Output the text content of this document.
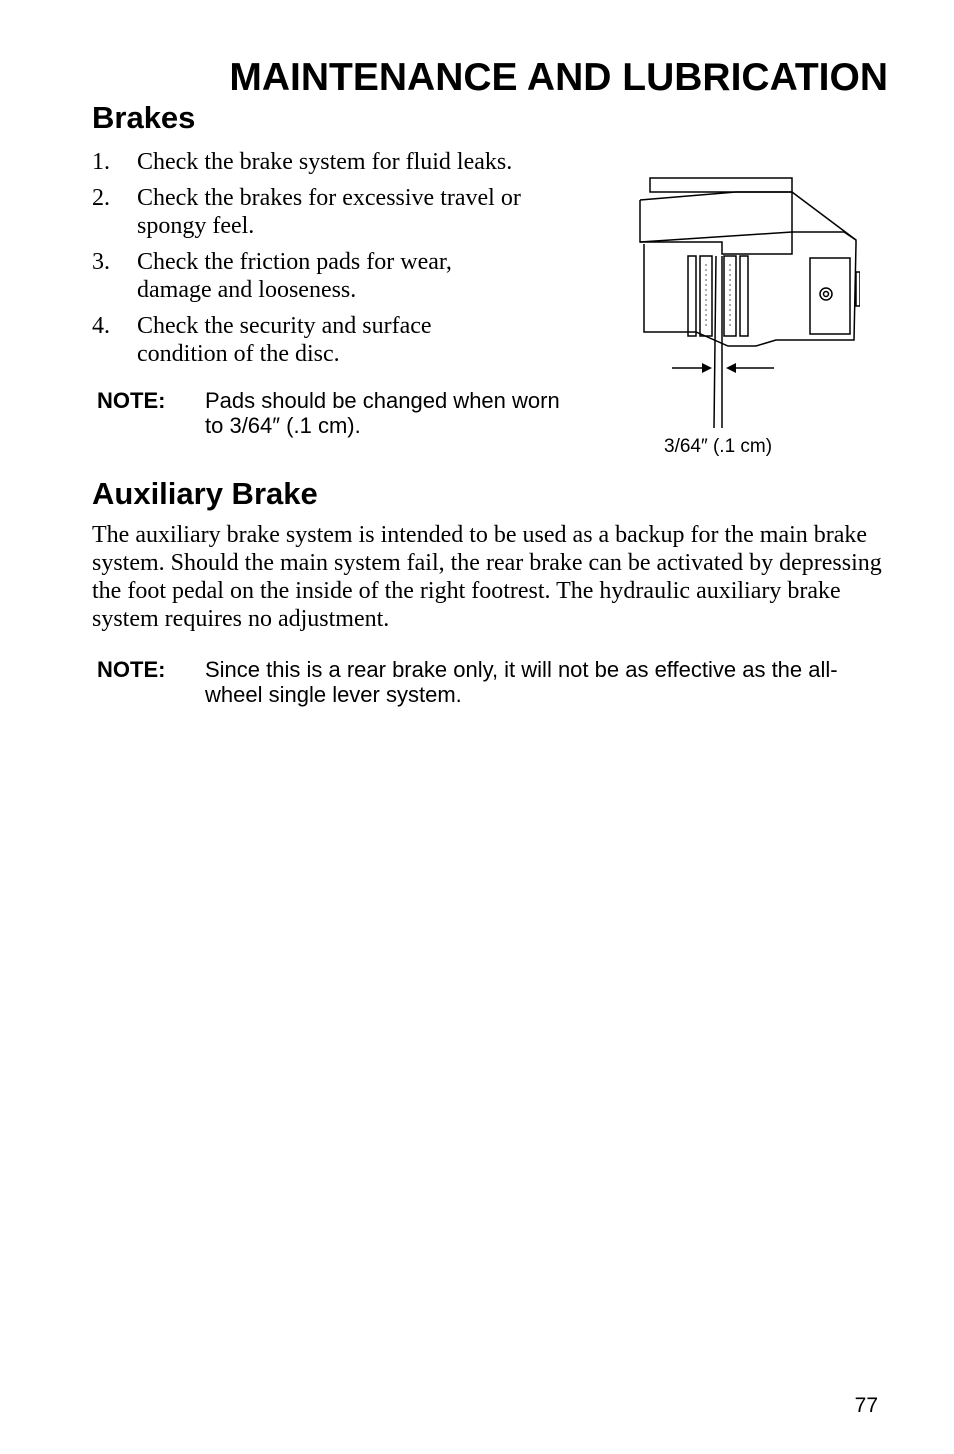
MAINTENANCE AND LUBRICATION
Brakes
1.	Check the brake system for fluid leaks.
2.	Check the brakes for excessive travel or spongy feel.
3.	Check the friction pads for wear, damage and looseness.
4.	Check the security and surface condition of the disc.
NOTE:	Pads should be changed when worn to 3/64″ (.1 cm).
3/64″ (.1 cm)
Auxiliary Brake

The auxiliary brake system is intended to be used as a backup for the main brake system. Should the main system fail, the rear brake can be activated by depressing the foot pedal on the inside of the right footrest. The hydraulic auxiliary brake system requires no adjustment.

NOTE:	Since this is a rear brake only, it will not be as effective as the all-wheel single lever system.
77
